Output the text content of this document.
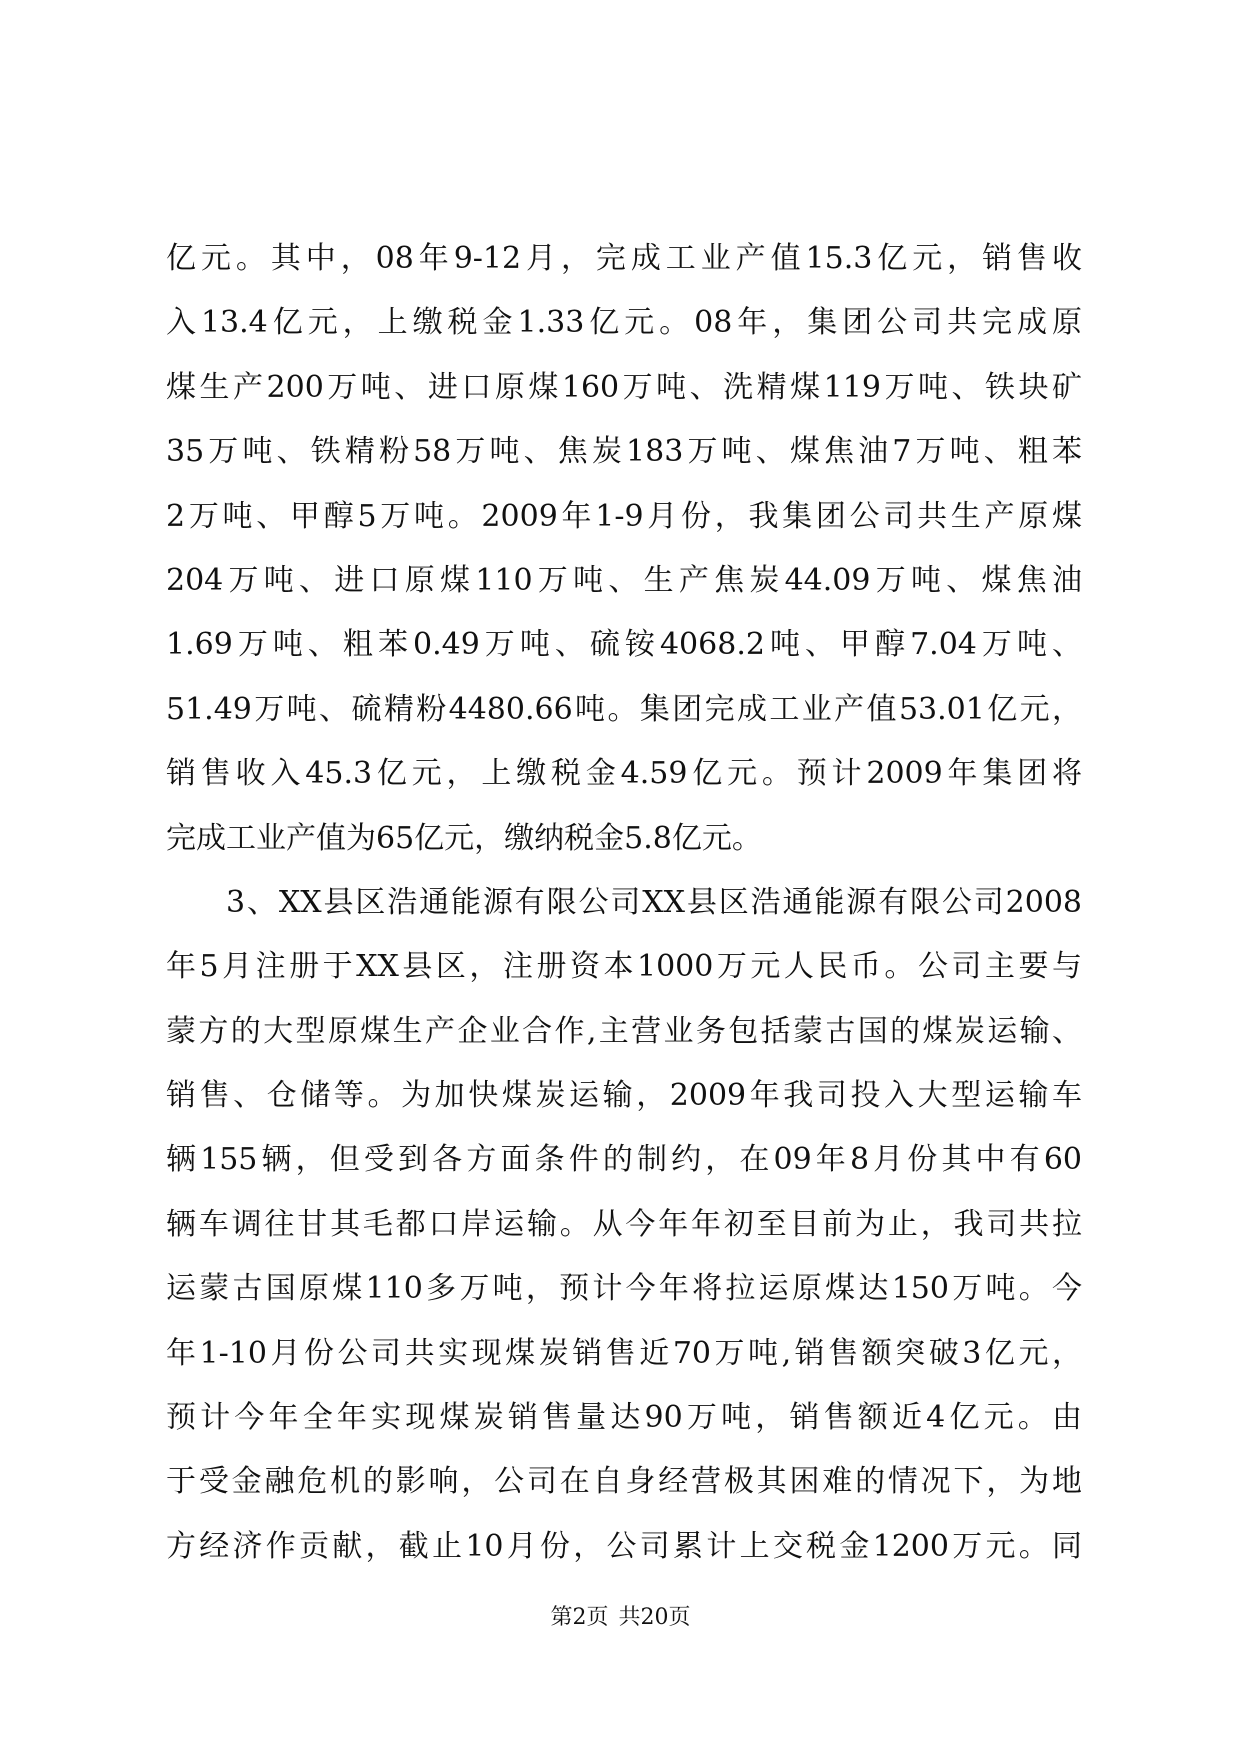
亿元。其中，08年9-12月，完成工业产值15.3亿元，销售收
入13.4亿元，上缴税金1.33亿元。08年，集团公司共完成原
煤生产200万吨、进口原煤160万吨、洗精煤119万吨、铁块矿
35万吨、铁精粉58万吨、焦炭183万吨、煤焦油7万吨、粗苯
2万吨、甲醇5万吨。2009年1-9月份，我集团公司共生产原煤
204万吨、进口原煤110万吨、生产焦炭44.09万吨、煤焦油
1.69万吨、粗苯0.49万吨、硫铵4068.2吨、甲醇7.04万吨、
51.49万吨、硫精粉4480.66吨。集团完成工业产值53.01亿元，
销售收入45.3亿元，上缴税金4.59亿元。预计2009年集团将
完成工业产值为65亿元，缴纳税金5.8亿元。
3、XX县区浩通能源有限公司XX县区浩通能源有限公司2008
年5月注册于XX县区，注册资本1000万元人民币。公司主要与
蒙方的大型原煤生产企业合作,主营业务包括蒙古国的煤炭运输、
销售、仓储等。为加快煤炭运输，2009年我司投入大型运输车
辆155辆，但受到各方面条件的制约，在09年8月份其中有60
辆车调往甘其毛都口岸运输。从今年年初至目前为止，我司共拉
运蒙古国原煤110多万吨，预计今年将拉运原煤达150万吨。今
年1-10月份公司共实现煤炭销售近70万吨,销售额突破3亿元，
预计今年全年实现煤炭销售量达90万吨，销售额近4亿元。由
于受金融危机的影响，公司在自身经营极其困难的情况下，为地
方经济作贡献，截止10月份，公司累计上交税金1200万元。同
第2页 共20页
